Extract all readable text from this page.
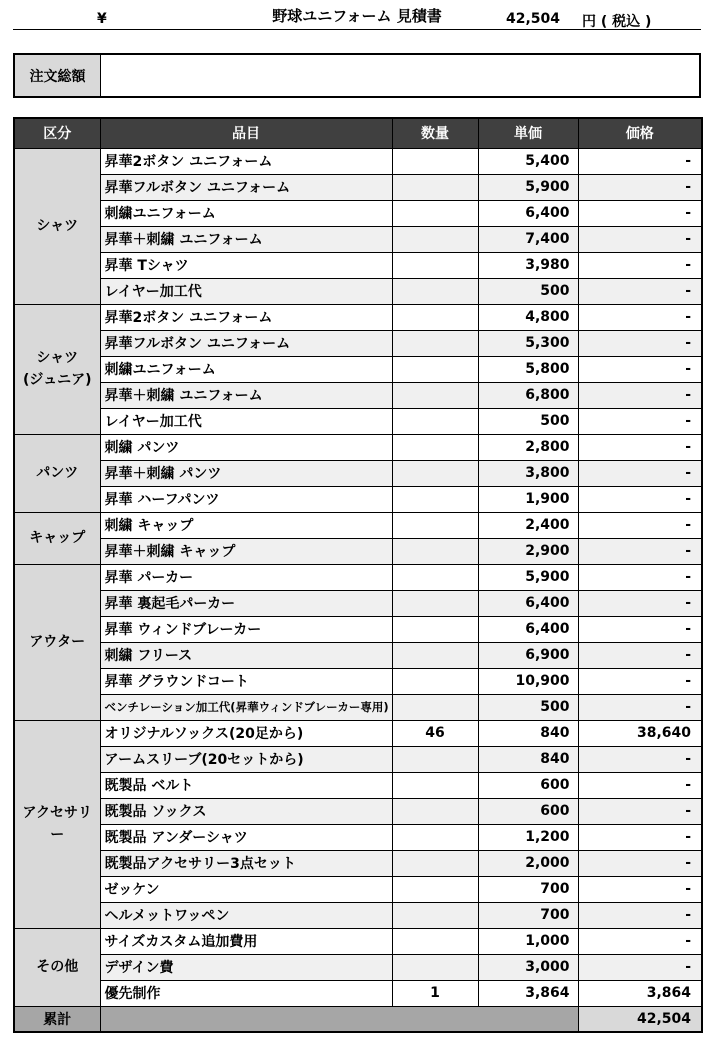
野球ユニフォーム 見積書
注文総額
¥	42,504 円 ( 税込 )
区分	品目	数量	単価	価格
シャツ	昇華2ボタン ユニフォーム		5,400	-
	昇華フルボタン ユニフォーム		5,900	-
	刺繍ユニフォーム		6,400	-
	昇華＋刺繍 ユニフォーム		7,400	-
	昇華 Tシャツ		3,980	-
	レイヤー加工代		500	-
シャツ
(ジュニア)	昇華2ボタン ユニフォーム		4,800	-
	昇華フルボタン ユニフォーム		5,300	-
	刺繍ユニフォーム		5,800	-
	昇華＋刺繍 ユニフォーム		6,800	-
	レイヤー加工代		500	-
パンツ	刺繍 パンツ		2,800	-
	昇華＋刺繍 パンツ		3,800	-
	昇華 ハーフパンツ		1,900	-
キャップ	刺繍 キャップ		2,400	-
	昇華＋刺繍 キャップ		2,900	-
アウター	昇華 パーカー		5,900	-
	昇華 裏起毛パーカー		6,400	-
	昇華 ウィンドブレーカー		6,400	-
	刺繍 フリース		6,900	-
	昇華 グラウンドコート		10,900	-
	ベンチレーション加工代(昇華ウィンドブレーカー専用)		500	-
アクセサリー	オリジナルソックス(20足から)	46	840	38,640
	アームスリーブ(20セットから)		840	-
	既製品 ベルト		600	-
	既製品 ソックス		600	-
	既製品 アンダーシャツ		1,200	-
	既製品アクセサリー3点セット		2,000	-
	ゼッケン		700	-
	ヘルメットワッペン		700	-
その他	サイズカスタム追加費用		1,000	-
	デザイン費		3,000	-
	優先制作	1	3,864	3,864
累計				42,504
